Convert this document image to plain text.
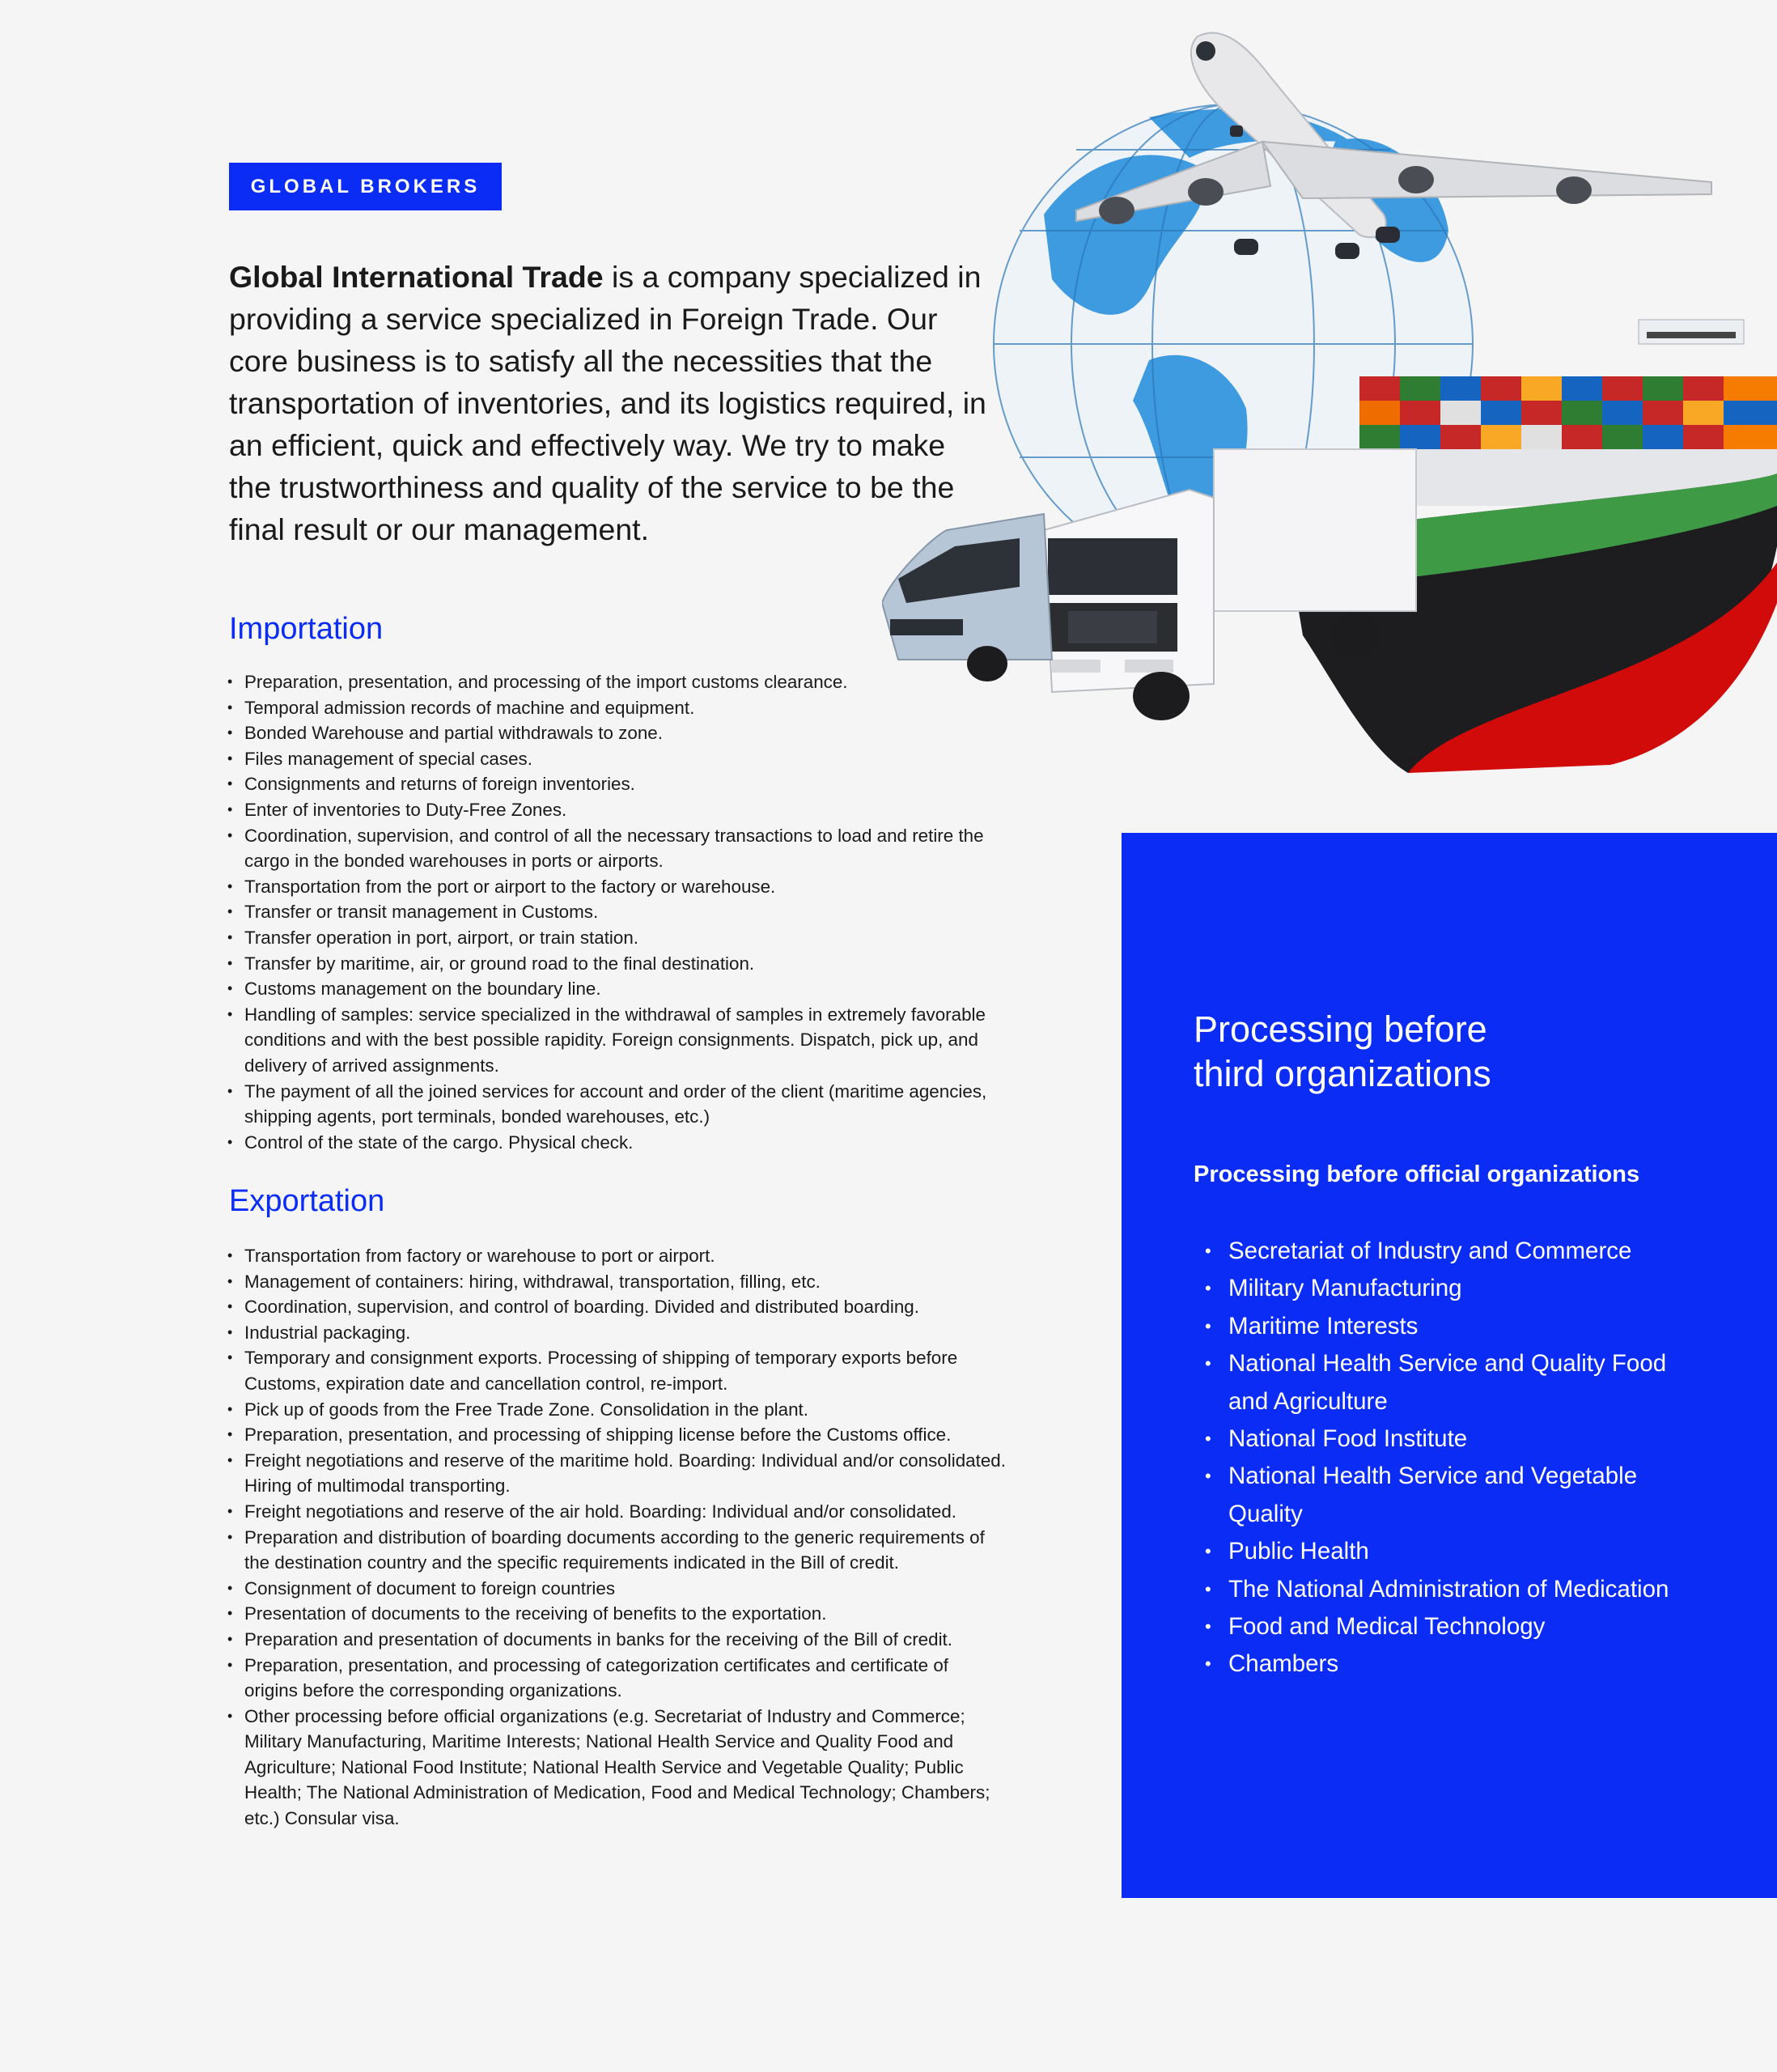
GLOBAL BROKERS

Global International Trade is a company specialized in providing a service specialized in Foreign Trade. Our core business is to satisfy all the necessities that the transportation of inventories, and its logistics required, in an efficient, quick and effectively way. We try to make the trustworthiness and quality of the service to be the final result or our management.

Importation
• Preparation, presentation, and processing of the import customs clearance.
• Temporal admission records of machine and equipment.
• Bonded Warehouse and partial withdrawals to zone.
• Files management of special cases.
• Consignments and returns of foreign inventories.
• Enter of inventories to Duty-Free Zones.
• Coordination, supervision, and control of all the necessary transactions to load and retire the cargo in the bonded warehouses in ports or airports.
• Transportation from the port or airport to the factory or warehouse.
• Transfer or transit management in Customs.
• Transfer operation in port, airport, or train station.
• Transfer by maritime, air, or ground road to the final destination.
• Customs management on the boundary line.
• Handling of samples: service specialized in the withdrawal of samples in extremely favorable conditions and with the best possible rapidity. Foreign consignments. Dispatch, pick up, and delivery of arrived assignments.
• The payment of all the joined services for account and order of the client (maritime agencies, shipping agents, port terminals, bonded warehouses, etc.)
• Control of the state of the cargo. Physical check.
Exportation
• Transportation from factory or warehouse to port or airport.
• Management of containers: hiring, withdrawal, transportation, filling, etc.
• Coordination, supervision, and control of boarding. Divided and distributed boarding.
• Industrial packaging.
• Temporary and consignment exports. Processing of shipping of temporary exports before Customs, expiration date and cancellation control, re-import.
• Pick up of goods from the Free Trade Zone. Consolidation in the plant.
• Preparation, presentation, and processing of shipping license before the Customs office.
• Freight negotiations and reserve of the maritime hold. Boarding: Individual and/or consolidated. Hiring of multimodal transporting.
• Freight negotiations and reserve of the air hold. Boarding: Individual and/or consolidated.
• Preparation and distribution of boarding documents according to the generic requirements of the destination country and the specific requirements indicated in the Bill of credit.
• Consignment of document to foreign countries
• Presentation of documents to the receiving of benefits to the exportation.
• Preparation and presentation of documents in banks for the receiving of the Bill of credit.
• Preparation, presentation, and processing of categorization certificates and certificate of origins before the corresponding organizations.
• Other processing before official organizations (e.g. Secretariat of Industry and Commerce; Military Manufacturing, Maritime Interests; National Health Service and Quality Food and Agriculture; National Food Institute; National Health Service and Vegetable Quality; Public Health; The National Administration of Medication, Food and Medical Technology; Chambers; etc.) Consular visa.
Processing before
third organizations

Processing before official organizations

• Secretariat of Industry and Commerce
• Military Manufacturing
• Maritime Interests
• National Health Service and Quality Food and Agriculture
• National Food Institute
• National Health Service and Vegetable Quality
• Public Health
• The National Administration of Medication
• Food and Medical Technology
• Chambers
